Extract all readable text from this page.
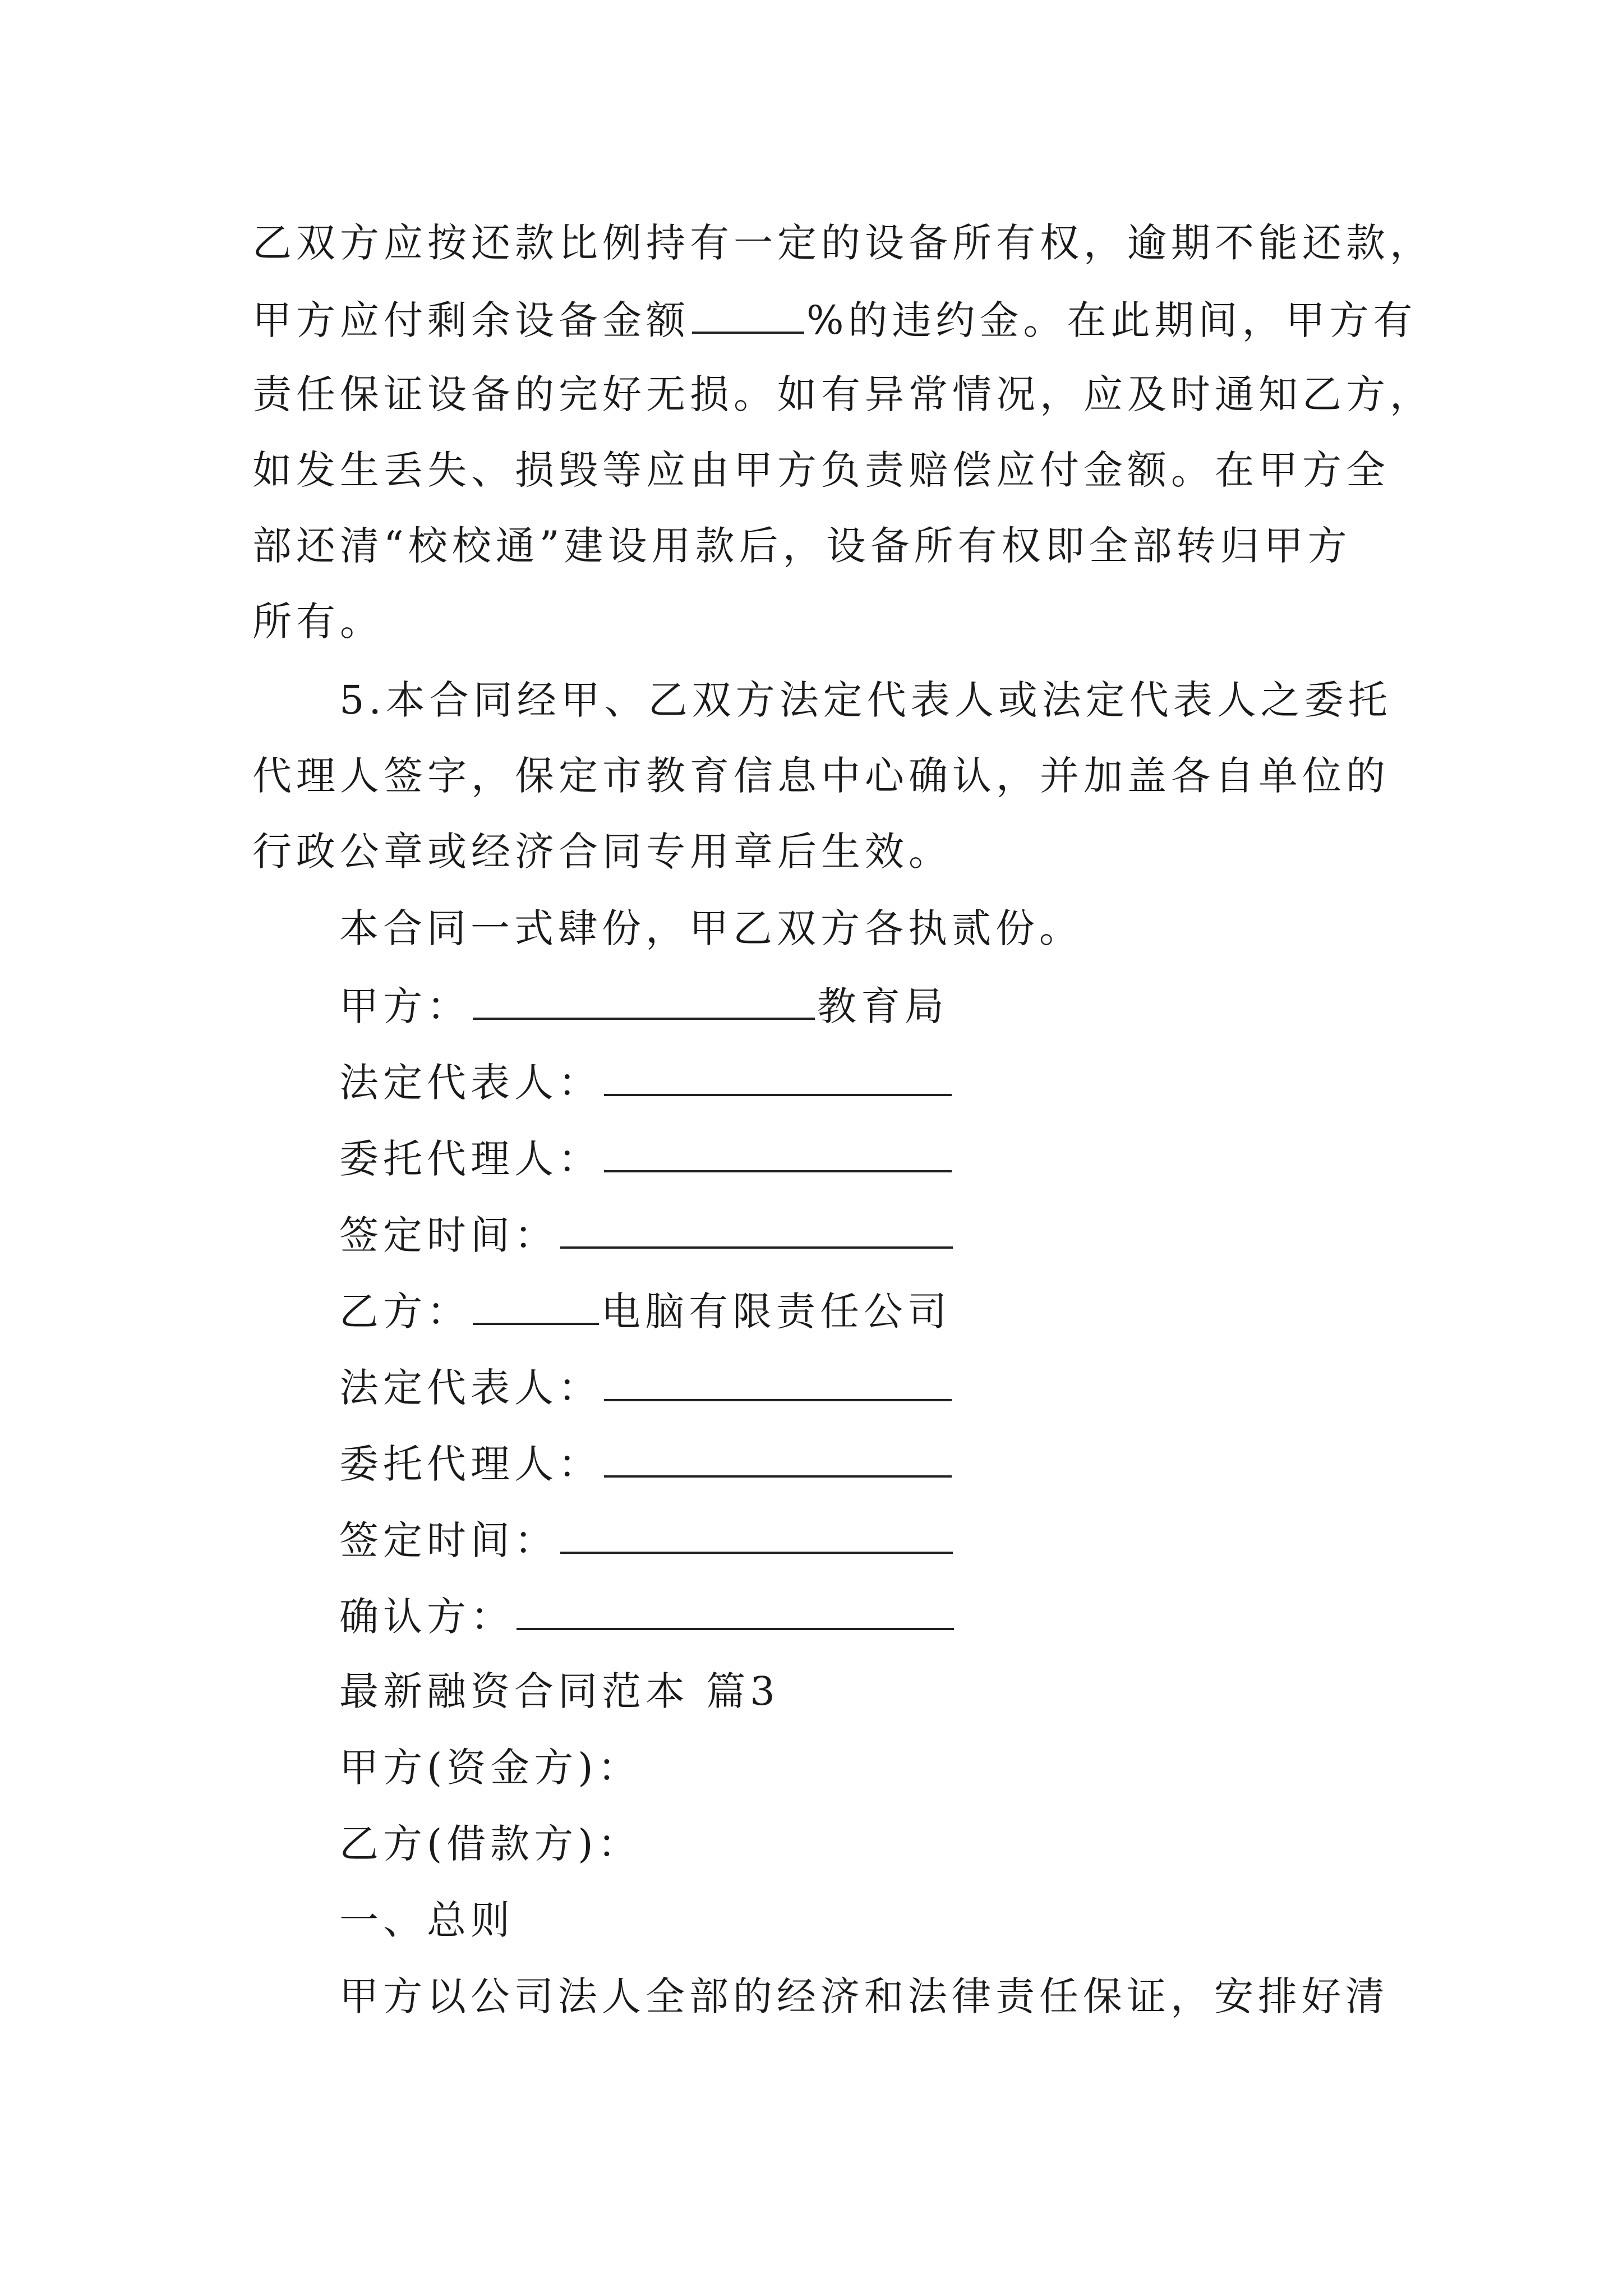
乙双方应按还款比例持有一定的设备所有权，逾期不能还款，
甲方应付剩余设备金额	%的违约金。在此期间，甲方有
责任保证设备的完好无损。如有异常情况，应及时通知乙方，
如发生丢失、损毁等应由甲方负责赔偿应付金额。在甲方全
部还清“校校通”建设用款后，设备所有权即全部转归甲方
所有。
5.本合同经甲、乙双方法定代表人或法定代表人之委托
代理人签字，保定市教育信息中心确认，并加盖各自单位的
行政公章或经济合同专用章后生效。
本合同一式肆份，甲乙双方各执贰份。
甲方：	教育局
法定代表人：
委托代理人：
签定时间：
乙方：	电脑有限责任公司
法定代表人：
委托代理人：
签定时间：
确认方：
最新融资合同范本 篇3
甲方(资金方)：
乙方(借款方)：
一、总则
甲方以公司法人全部的经济和法律责任保证，安排好清
